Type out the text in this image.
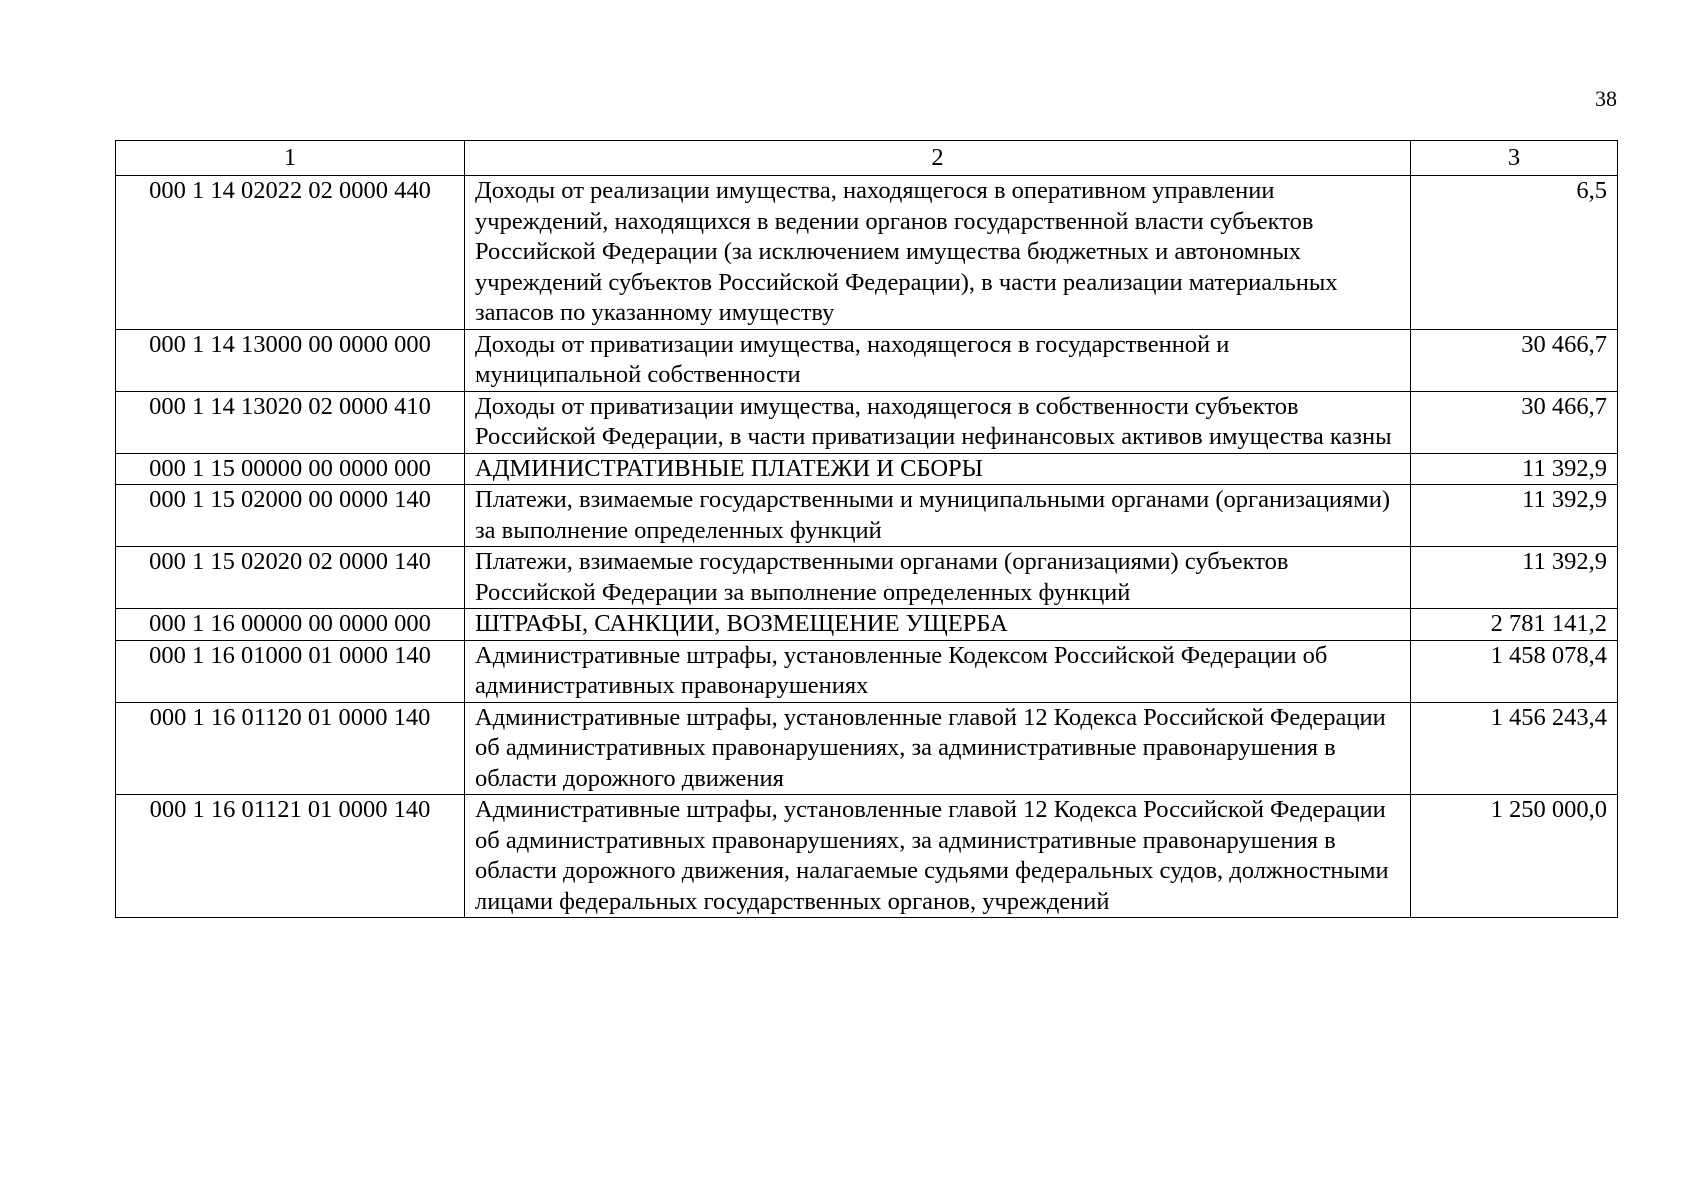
38
1	2	3
000 1 14 02022 02 0000 440	Доходы от реализации имущества, находящегося в оперативном управлении учреждений, находящихся в ведении органов государственной власти субъектов Российской Федерации (за исключением имущества бюджетных и автономных учреждений субъектов Российской Федерации), в части реализации материальных запасов по указанному имуществу	6,5
000 1 14 13000 00 0000 000	Доходы от приватизации имущества, находящегося в государственной и муниципальной собственности	30 466,7
000 1 14 13020 02 0000 410	Доходы от приватизации имущества, находящегося в собственности субъектов Российской Федерации, в части приватизации нефинансовых активов имущества казны	30 466,7
000 1 15 00000 00 0000 000	АДМИНИСТРАТИВНЫЕ ПЛАТЕЖИ И СБОРЫ	11 392,9
000 1 15 02000 00 0000 140	Платежи, взимаемые государственными и муниципальными органами (организациями) за выполнение определенных функций	11 392,9
000 1 15 02020 02 0000 140	Платежи, взимаемые государственными органами (организациями) субъектов Российской Федерации за выполнение определенных функций	11 392,9
000 1 16 00000 00 0000 000	ШТРАФЫ, САНКЦИИ, ВОЗМЕЩЕНИЕ УЩЕРБА	2 781 141,2
000 1 16 01000 01 0000 140	Административные штрафы, установленные Кодексом Российской Федерации об административных правонарушениях	1 458 078,4
000 1 16 01120 01 0000 140	Административные штрафы, установленные главой 12 Кодекса Российской Федерации об административных правонарушениях, за административные правонарушения в области дорожного движения	1 456 243,4
000 1 16 01121 01 0000 140	Административные штрафы, установленные главой 12 Кодекса Российской Федерации об административных правонарушениях, за административные правонарушения в области дорожного движения, налагаемые судьями федеральных судов, должностными лицами федеральных государственных органов, учреждений	1 250 000,0
